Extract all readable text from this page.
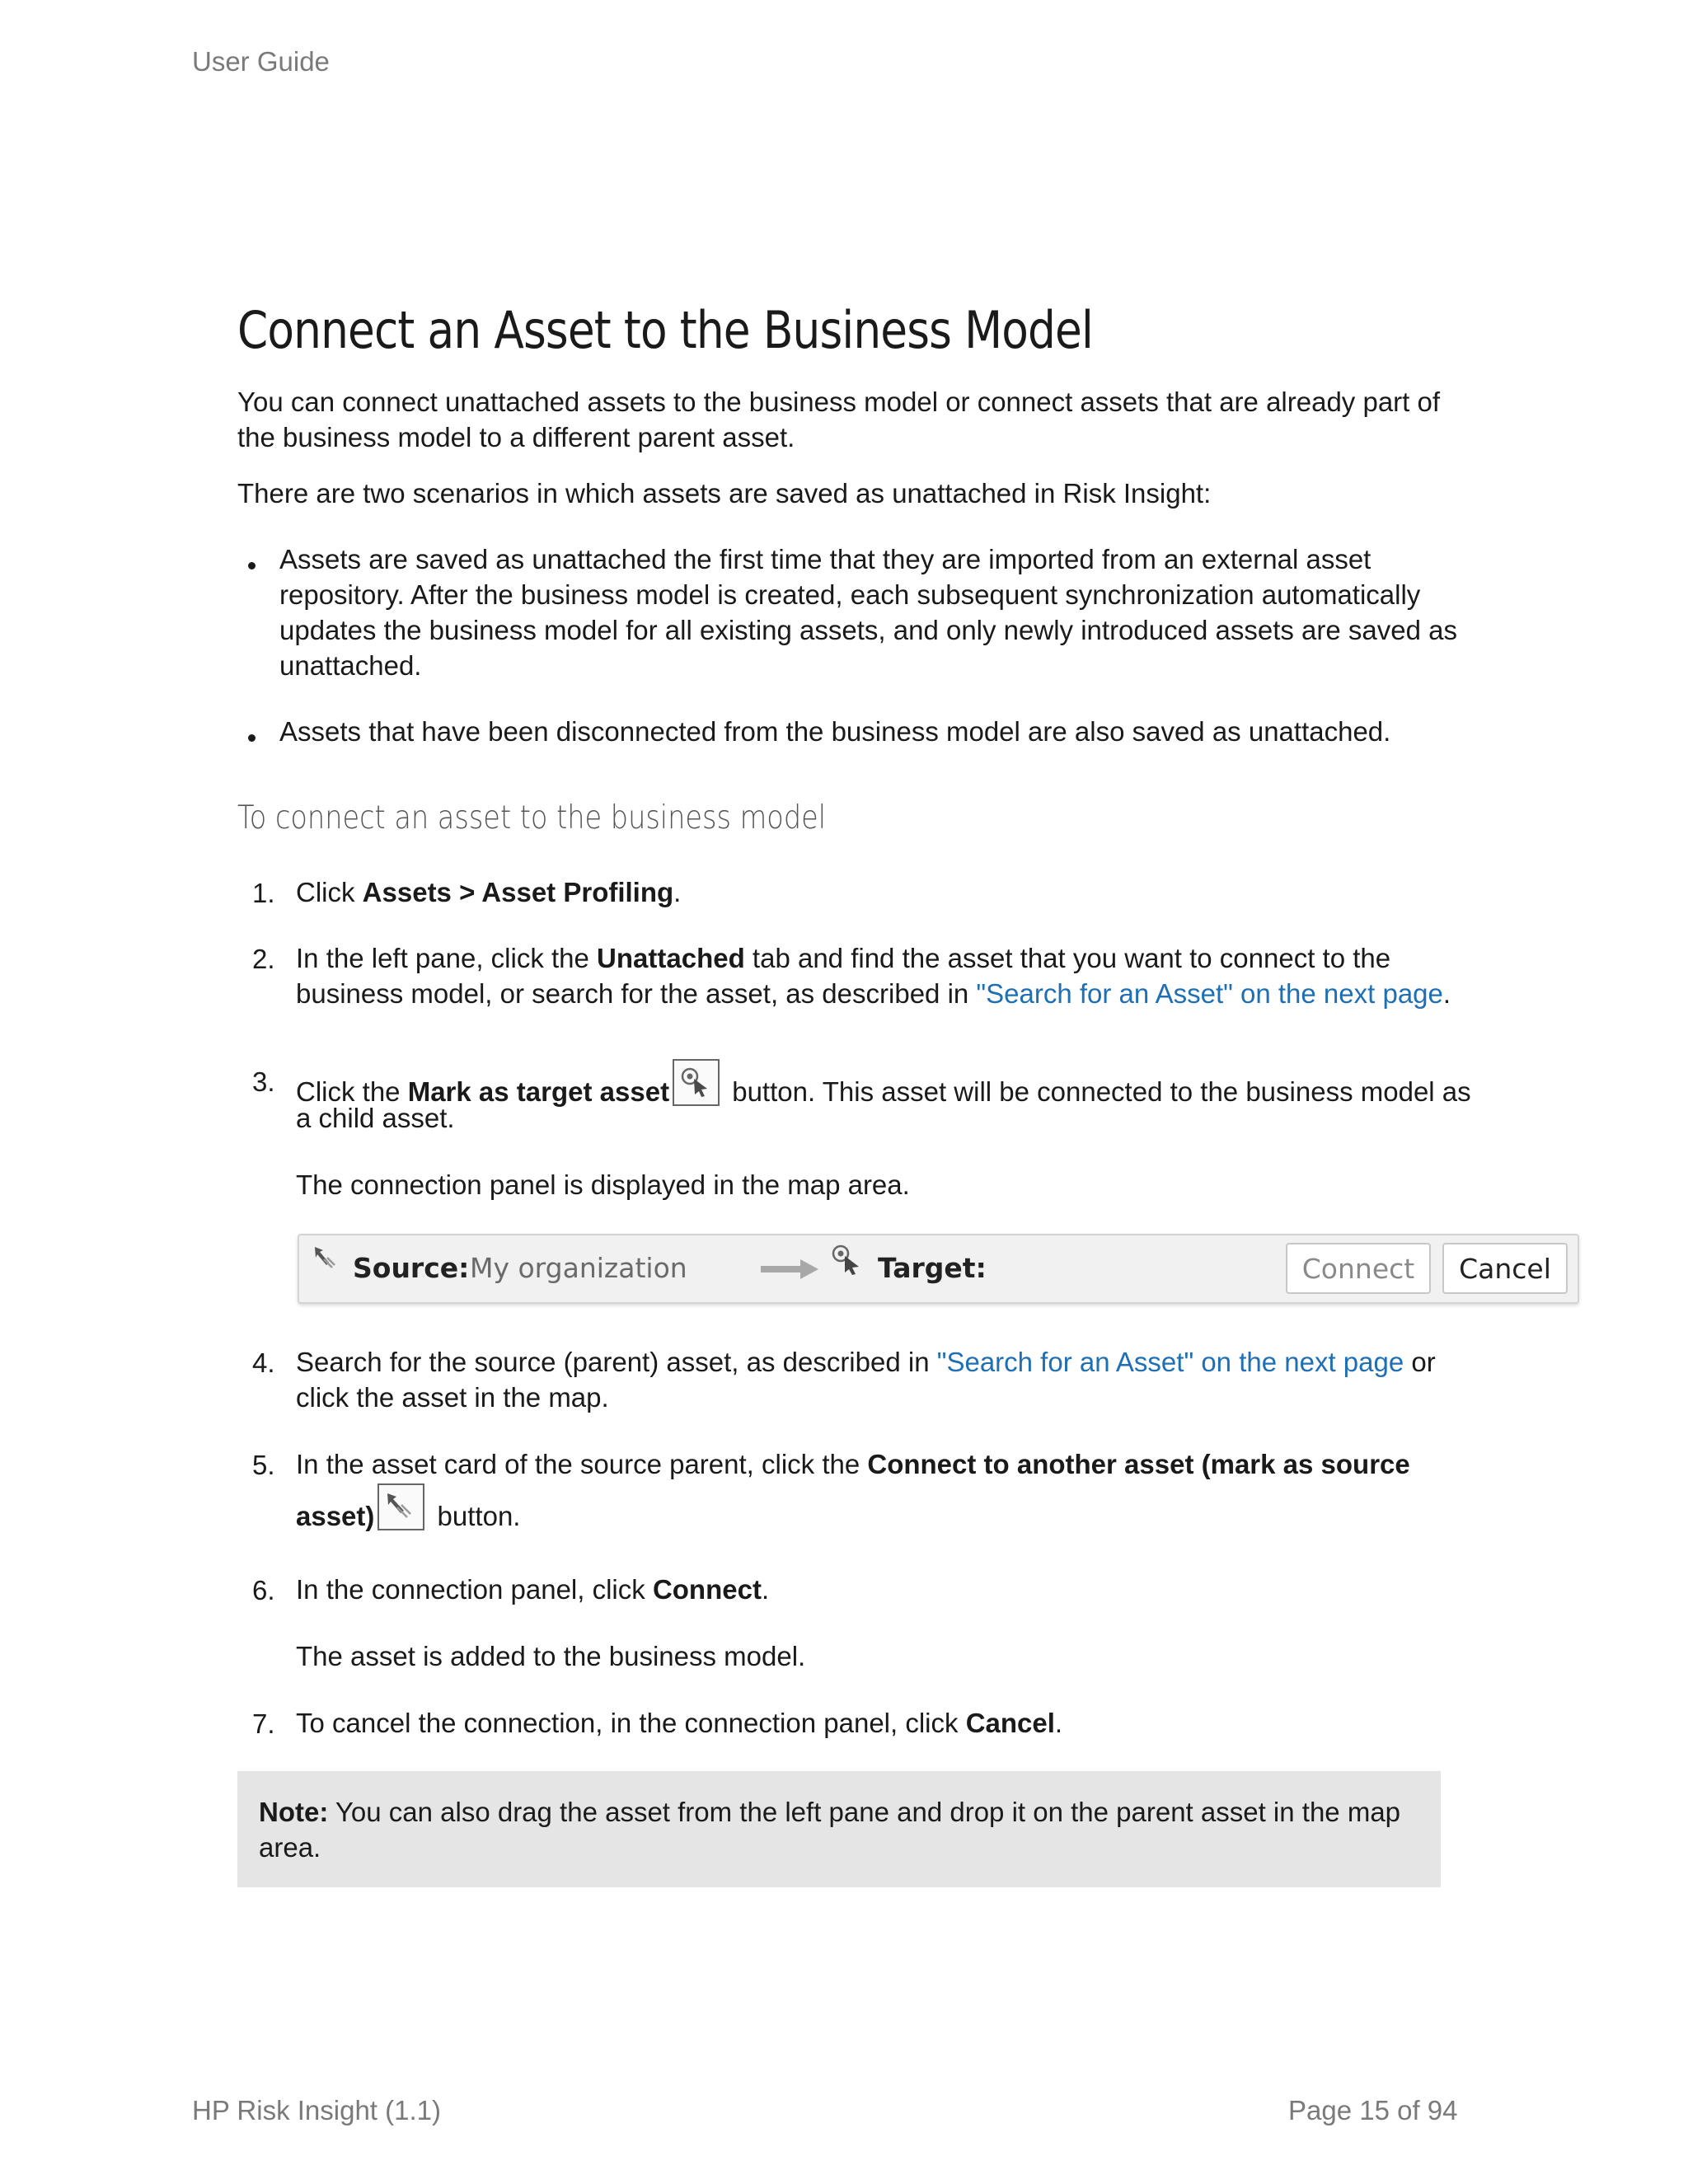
User Guide
Connect an Asset to the Business Model
You can connect unattached assets to the business model or connect assets that are already part of
the business model to a different parent asset.
There are two scenarios in which assets are saved as unattached in Risk Insight:
Assets are saved as unattached the first time that they are imported from an external asset
repository. After the business model is created, each subsequent synchronization automatically
updates the business model for all existing assets, and only newly introduced assets are saved as
unattached.
Assets that have been disconnected from the business model are also saved as unattached.
To connect an asset to the business model
1. Click Assets > Asset Profiling.
2. In the left pane, click the Unattached tab and find the asset that you want to connect to the
business model, or search for the asset, as described in "Search for an Asset" on the next page.
3. Click the Mark as target asset
button. This asset will be connected to the business model as
a child asset.
The connection panel is displayed in the map area.
Source: My organization	Target:	Connect	Cancel
4. Search for the source (parent) asset, as described in "Search for an Asset" on the next page or
click the asset in the map.
5. In the asset card of the source parent, click the Connect to another asset (mark as source
asset)
button.
6. In the connection panel, click Connect.
The asset is added to the business model.
7. To cancel the connection, in the connection panel, click Cancel.
Note: You can also drag the asset from the left pane and drop it on the parent asset in the map
area.
HP Risk Insight (1.1)	Page 15 of 94
